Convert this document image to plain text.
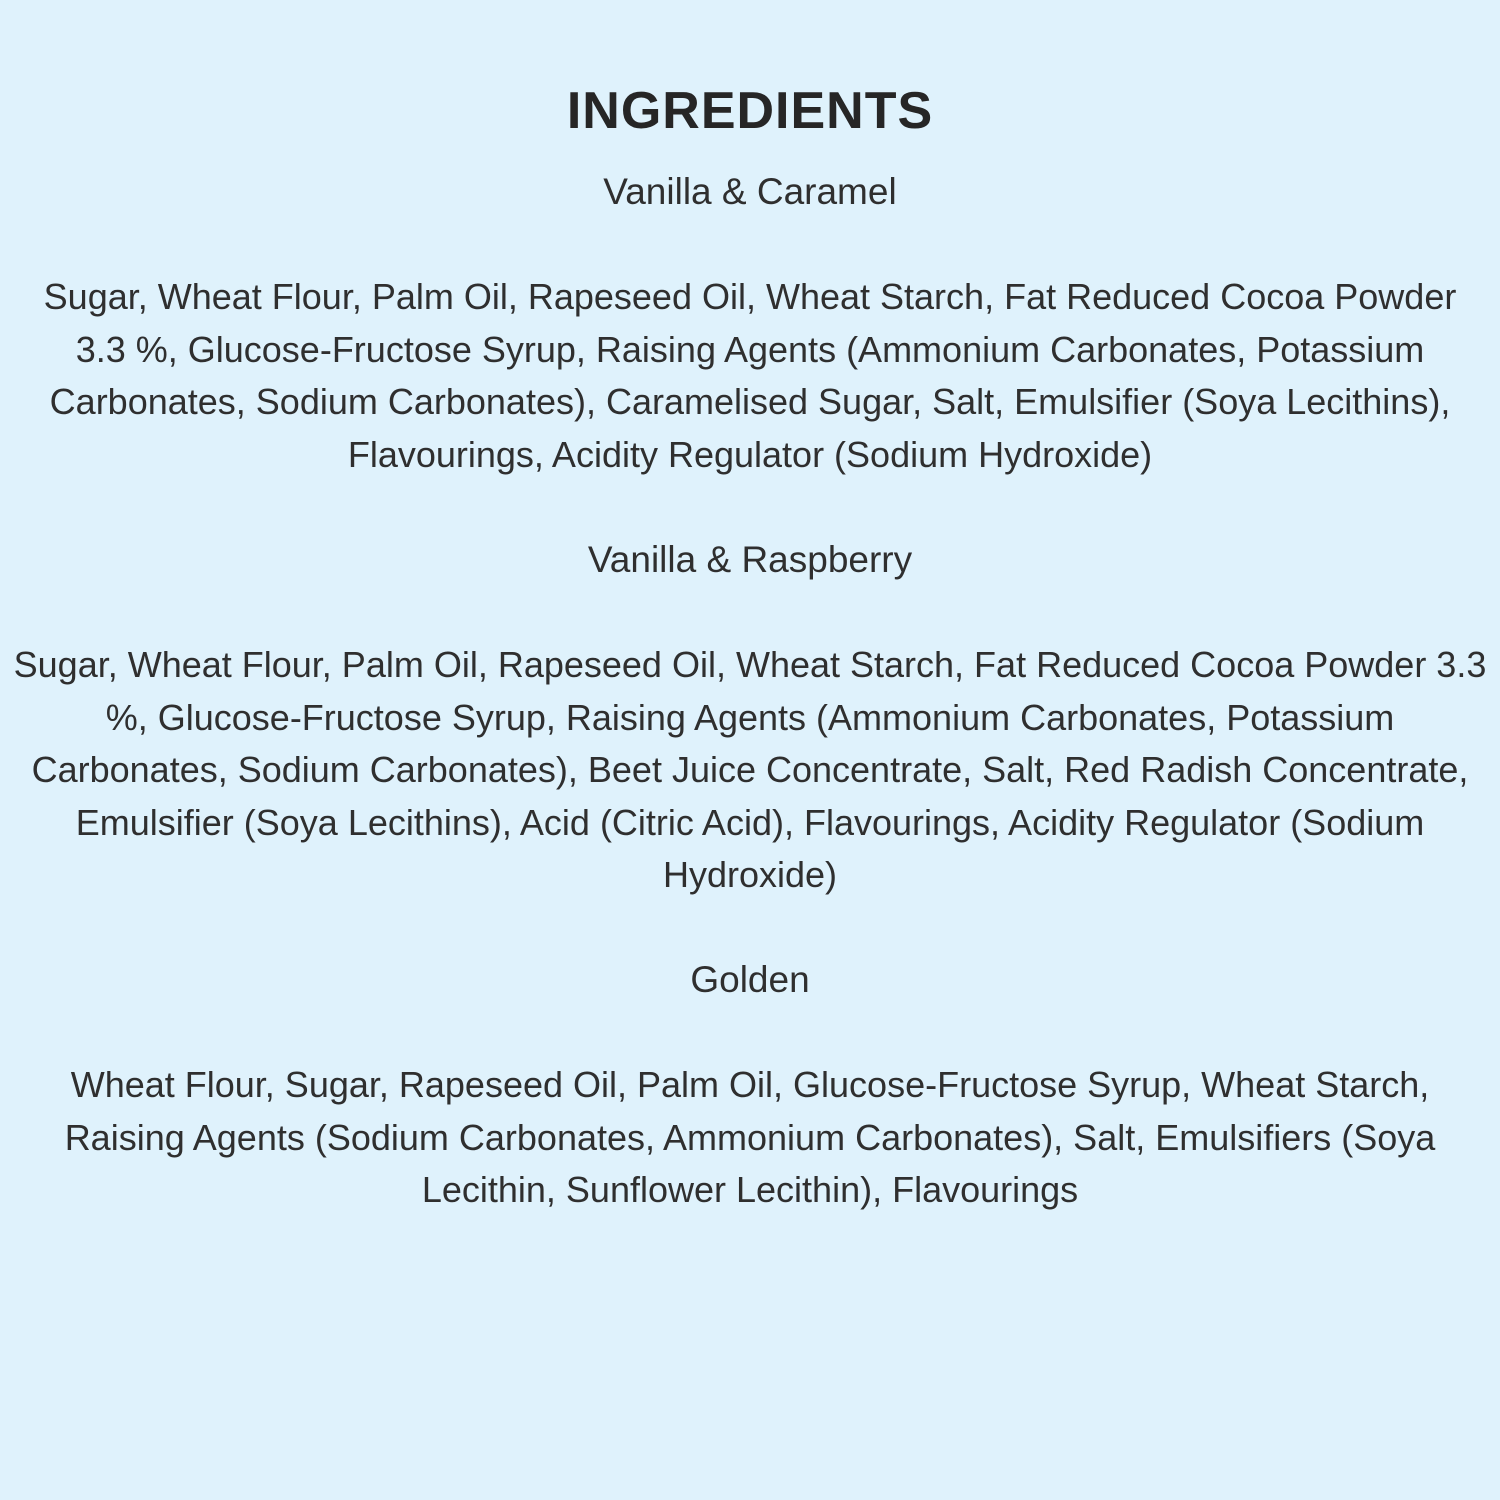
INGREDIENTS
Vanilla & Caramel

Sugar, Wheat Flour, Palm Oil, Rapeseed Oil, Wheat Starch, Fat Reduced Cocoa Powder 3.3 %, Glucose-Fructose Syrup, Raising Agents (Ammonium Carbonates, Potassium Carbonates, Sodium Carbonates), Caramelised Sugar, Salt, Emulsifier (Soya Lecithins), Flavourings, Acidity Regulator (Sodium Hydroxide)

Vanilla & Raspberry

Sugar, Wheat Flour, Palm Oil, Rapeseed Oil, Wheat Starch, Fat Reduced Cocoa Powder 3.3 %, Glucose-Fructose Syrup, Raising Agents (Ammonium Carbonates, Potassium Carbonates, Sodium Carbonates), Beet Juice Concentrate, Salt, Red Radish Concentrate, Emulsifier (Soya Lecithins), Acid (Citric Acid), Flavourings, Acidity Regulator (Sodium Hydroxide)

Golden

Wheat Flour, Sugar, Rapeseed Oil, Palm Oil, Glucose-Fructose Syrup, Wheat Starch, Raising Agents (Sodium Carbonates, Ammonium Carbonates), Salt, Emulsifiers (Soya Lecithin, Sunflower Lecithin), Flavourings
